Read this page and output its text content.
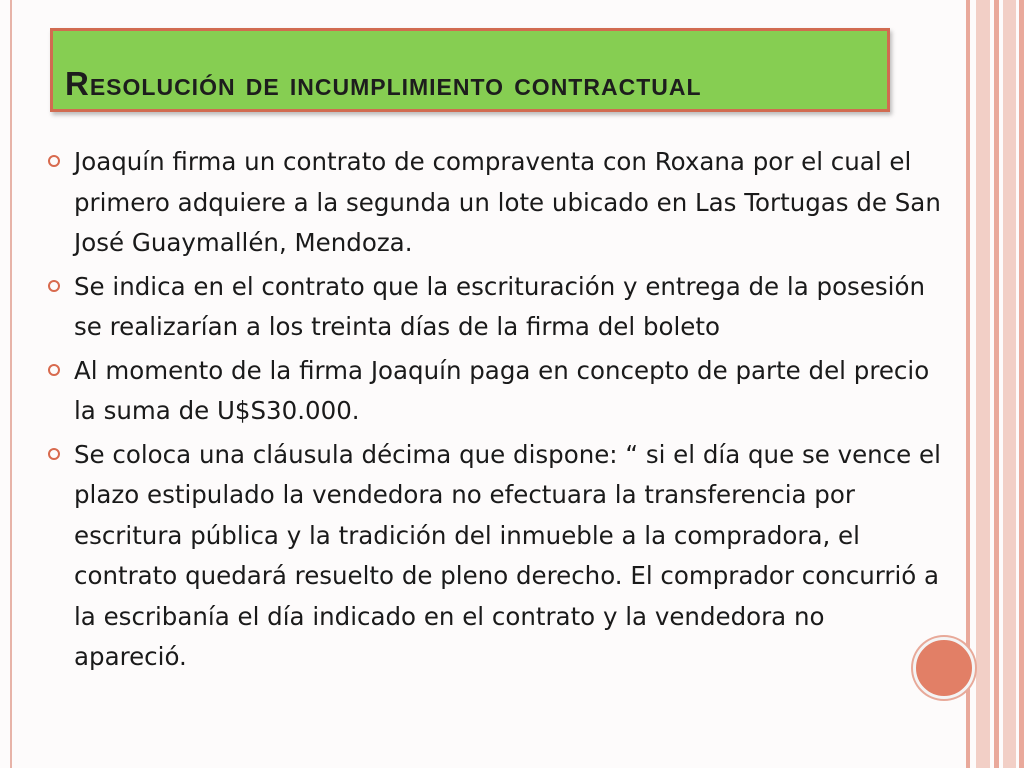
Resolución de incumplimiento contractual
Joaquín firma un contrato de compraventa con Roxana por el cual el primero adquiere a la segunda un lote ubicado en Las Tortugas de San José Guaymallén, Mendoza.
Se indica en el contrato que la escrituración y entrega de la posesión se realizarían a los treinta días de la firma del boleto
Al momento de la firma Joaquín paga en concepto de parte del precio la suma de U$S30.000.
Se coloca una cláusula décima que dispone: “ si el día que se vence el plazo estipulado la vendedora no efectuara la transferencia por escritura pública y la tradición del inmueble a la compradora, el contrato quedará resuelto de pleno derecho. El comprador concurrió a la escribanía el día indicado en el contrato y la vendedora no apareció.
